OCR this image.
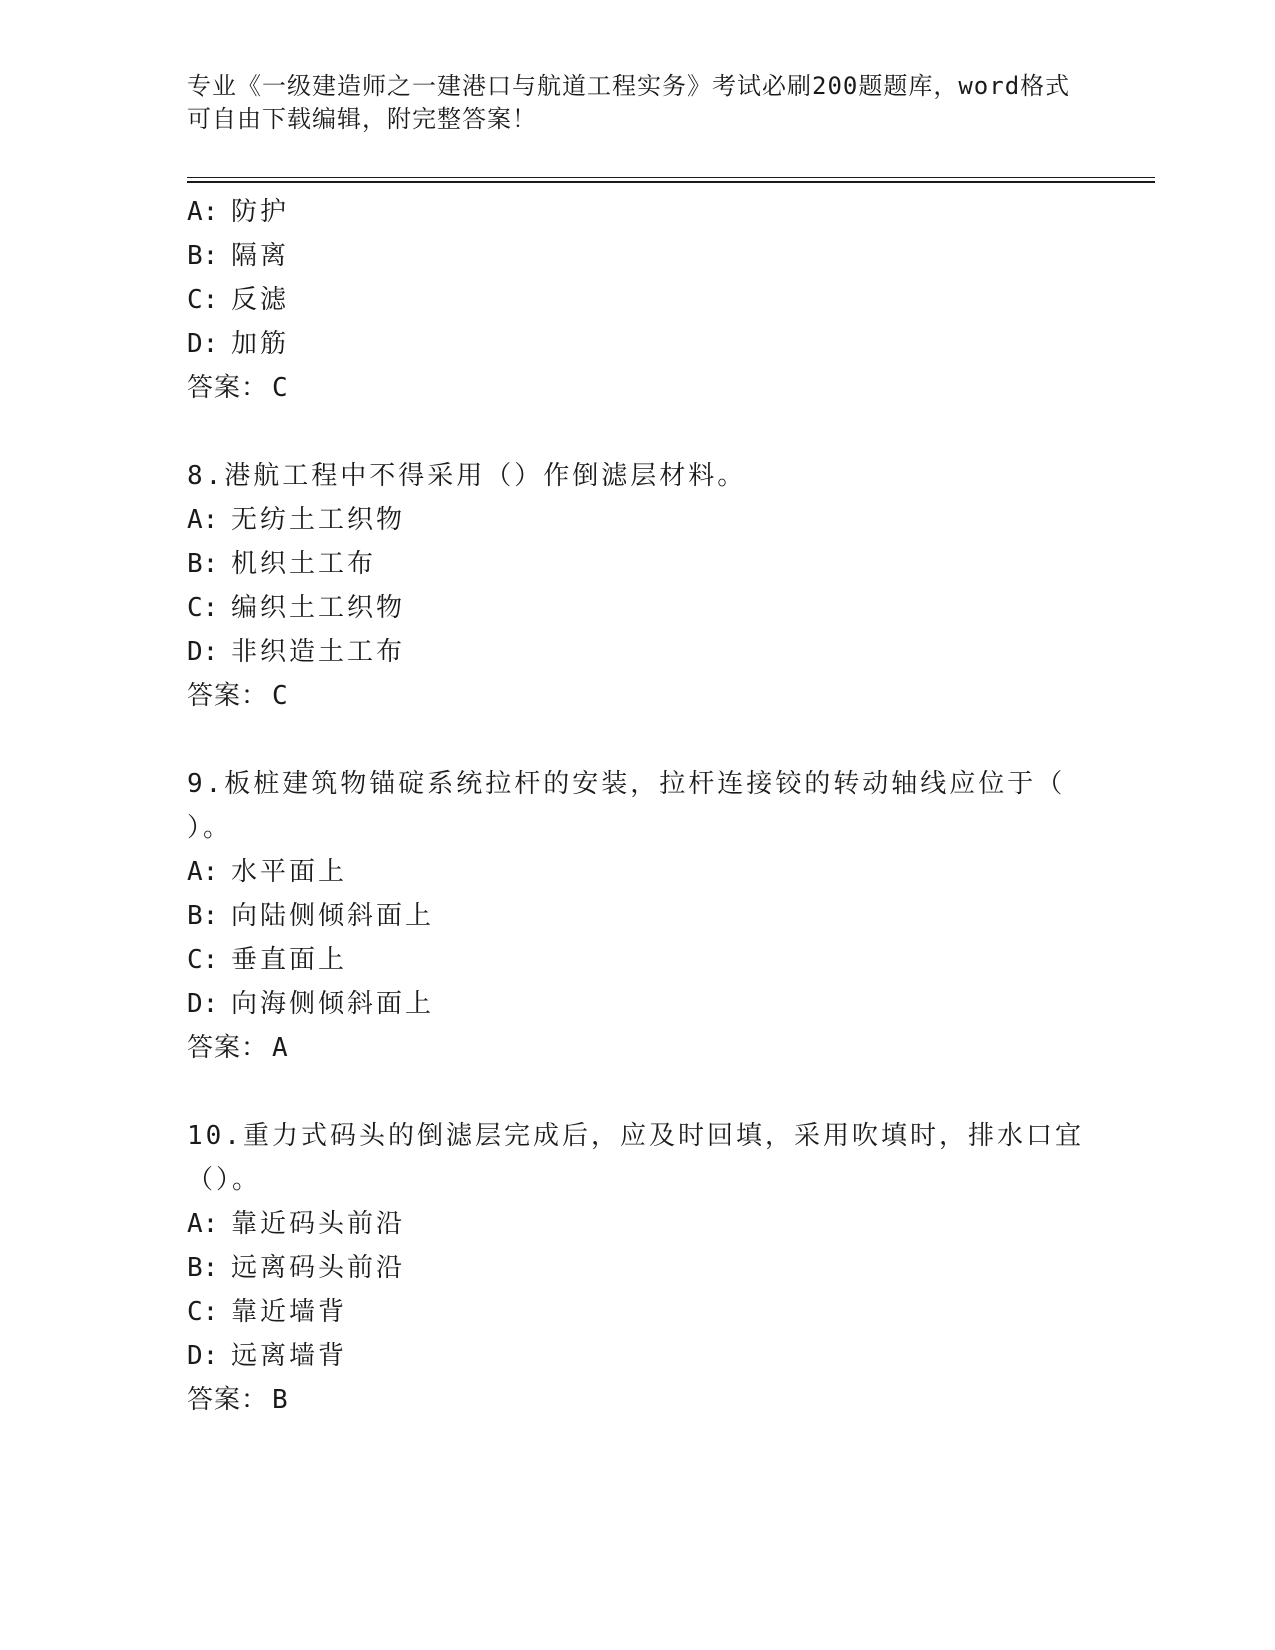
专业《一级建造师之一建港口与航道工程实务》考试必刷200题题库，word格式
可自由下载编辑，附完整答案！
A: 防护
B: 隔离
C: 反滤
D: 加筋
答案： C
8.港航工程中不得采用（）作倒滤层材料。
A: 无纺土工织物
B: 机织土工布
C: 编织土工织物
D: 非织造土工布
答案： C
9.板桩建筑物锚碇系统拉杆的安装，拉杆连接铰的转动轴线应位于（
）。
A: 水平面上
B: 向陆侧倾斜面上
C: 垂直面上
D: 向海侧倾斜面上
答案： A
10.重力式码头的倒滤层完成后，应及时回填，采用吹填时，排水口宜
（）。
A: 靠近码头前沿
B: 远离码头前沿
C: 靠近墙背
D: 远离墙背
答案： B
